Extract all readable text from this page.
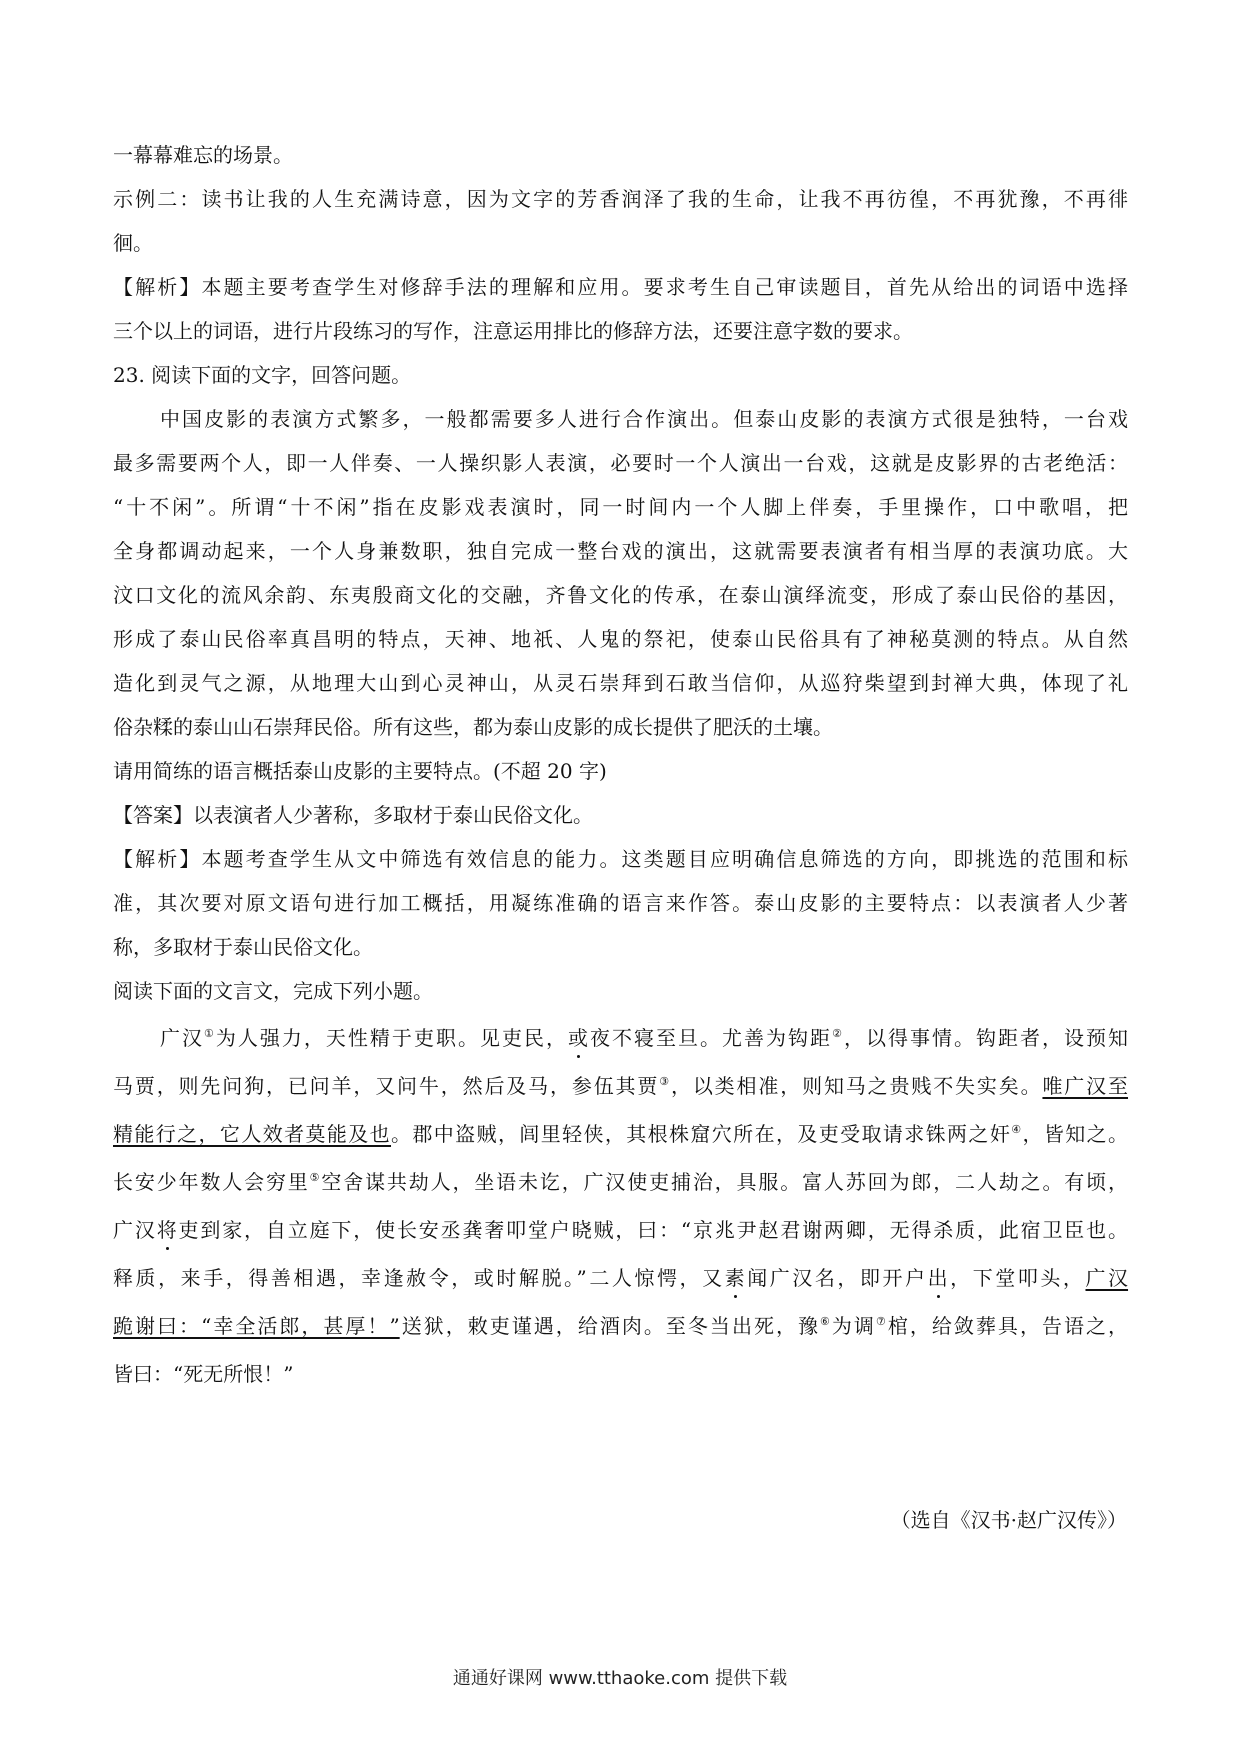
一幕幕难忘的场景。
示例二：读书让我的人生充满诗意，因为文字的芳香润泽了我的生命，让我不再彷徨，不再犹豫，不再徘
徊。
【解析】本题主要考查学生对修辞手法的理解和应用。要求考生自己审读题目，首先从给出的词语中选择
三个以上的词语，进行片段练习的写作，注意运用排比的修辞方法，还要注意字数的要求。
23. 阅读下面的文字，回答问题。
中国皮影的表演方式繁多，一般都需要多人进行合作演出。但泰山皮影的表演方式很是独特，一台戏
最多需要两个人，即一人伴奏、一人操织影人表演，必要时一个人演出一台戏，这就是皮影界的古老绝活：
“十不闲”。所谓“十不闲”指在皮影戏表演时，同一时间内一个人脚上伴奏，手里操作，口中歌唱，把
全身都调动起来，一个人身兼数职，独自完成一整台戏的演出，这就需要表演者有相当厚的表演功底。大
汶口文化的流风余韵、东夷殷商文化的交融，齐鲁文化的传承，在泰山演绎流变，形成了泰山民俗的基因，
形成了泰山民俗率真昌明的特点，天神、地祇、人鬼的祭祀，使泰山民俗具有了神秘莫测的特点。从自然
造化到灵气之源，从地理大山到心灵神山，从灵石崇拜到石敢当信仰，从巡狩柴望到封禅大典，体现了礼
俗杂糅的泰山山石崇拜民俗。所有这些，都为泰山皮影的成长提供了肥沃的土壤。
请用简练的语言概括泰山皮影的主要特点。(不超 20 字)
【答案】以表演者人少著称，多取材于泰山民俗文化。
【解析】本题考查学生从文中筛选有效信息的能力。这类题目应明确信息筛选的方向，即挑选的范围和标
准，其次要对原文语句进行加工概括，用凝练准确的语言来作答。泰山皮影的主要特点：以表演者人少著
称，多取材于泰山民俗文化。
阅读下面的文言文，完成下列小题。
广汉①为人强力，天性精于吏职。见吏民，或夜不寝至旦。尤善为钩距②，以得事情。钩距者，设预知
马贾，则先问狗，已问羊，又问牛，然后及马，参伍其贾③，以类相准，则知马之贵贱不失实矣。唯广汉至
精能行之，它人效者莫能及也。郡中盗贼，闾里轻侠，其根株窟穴所在，及吏受取请求铢两之奸④，皆知之。
长安少年数人会穷里⑤空舍谋共劫人，坐语未讫，广汉使吏捕治，具服。富人苏回为郎，二人劫之。有顷，
广汉将吏到家，自立庭下，使长安丞龚奢叩堂户晓贼，曰：“京兆尹赵君谢两卿，无得杀质，此宿卫臣也。
释质，来手，得善相遇，幸逢赦令，或时解脱。”二人惊愕，又素闻广汉名，即开户出，下堂叩头，广汉
跪谢曰：“幸全活郎，甚厚！”送狱，敕吏谨遇，给酒肉。至冬当出死，豫⑥为调⑦棺，给敛葬具，告语之，
皆曰：“死无所恨！”
（选自《汉书·赵广汉传》）
通通好课网 www.tthaoke.com 提供下载
